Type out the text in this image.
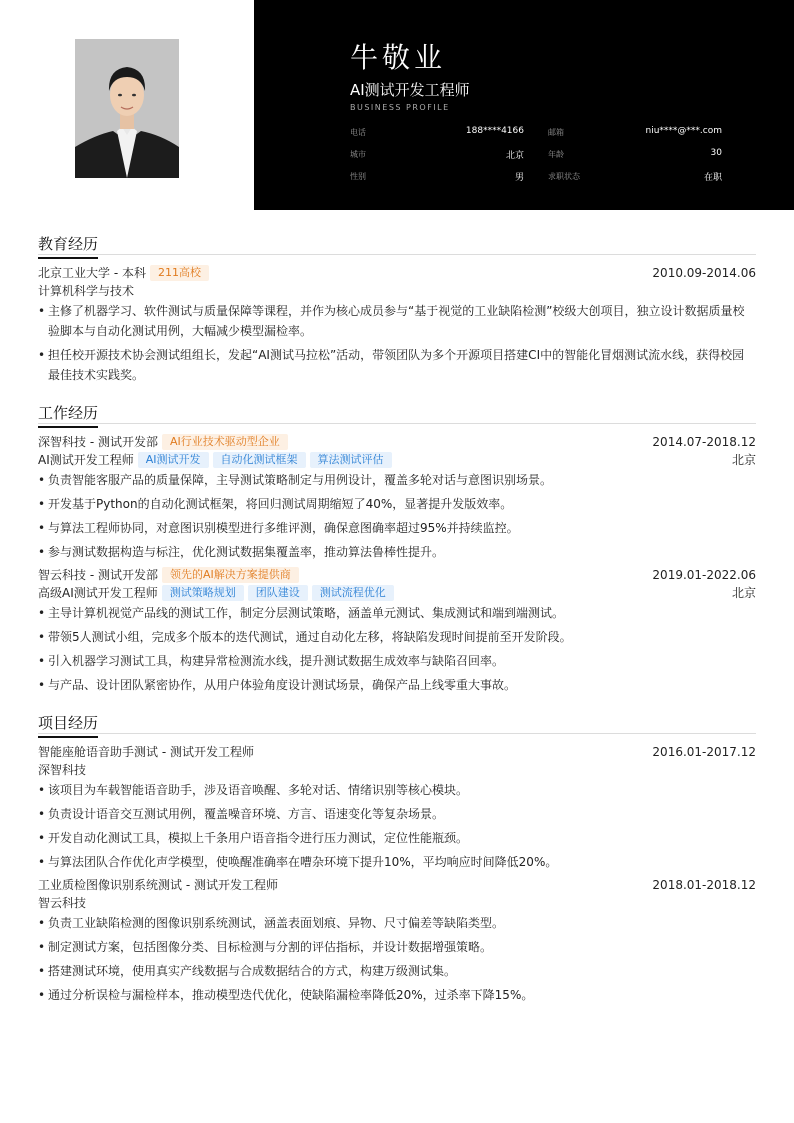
牛敬业
AI测试开发工程师
BUSINESS PROFILE
电话	188****4166	邮箱	niu****@***.com
城市	北京	年龄	30
性别	男	求职状态	在职
教育经历
北京工业大学 - 本科 211高校	2010.09-2014.06
计算机科学与技术
• 主修了机器学习、软件测试与质量保障等课程，并作为核心成员参与“基于视觉的工业缺陷检测”校级大创项目，独立设计数据质量校验脚本与自动化测试用例，大幅减少模型漏检率。
• 担任校开源技术协会测试组组长，发起“AI测试马拉松”活动，带领团队为多个开源项目搭建CI中的智能化冒烟测试流水线，获得校园最佳技术实践奖。
工作经历
深智科技 - 测试开发部 AI行业技术驱动型企业	2014.07-2018.12
AI测试开发工程师 AI测试开发 自动化测试框架 算法测试评估	北京
• 负责智能客服产品的质量保障，主导测试策略制定与用例设计，覆盖多轮对话与意图识别场景。
• 开发基于Python的自动化测试框架，将回归测试周期缩短了40%，显著提升发版效率。
• 与算法工程师协同，对意图识别模型进行多维评测，确保意图确率超过95%并持续监控。
• 参与测试数据构造与标注，优化测试数据集覆盖率，推动算法鲁棒性提升。
智云科技 - 测试开发部 领先的AI解决方案提供商	2019.01-2022.06
高级AI测试开发工程师 测试策略规划 团队建设 测试流程优化	北京
• 主导计算机视觉产品线的测试工作，制定分层测试策略，涵盖单元测试、集成测试和端到端测试。
• 带领5人测试小组，完成多个版本的迭代测试，通过自动化左移，将缺陷发现时间提前至开发阶段。
• 引入机器学习测试工具，构建异常检测流水线，提升测试数据生成效率与缺陷召回率。
• 与产品、设计团队紧密协作，从用户体验角度设计测试场景，确保产品上线零重大事故。
项目经历
智能座舱语音助手测试 - 测试开发工程师	2016.01-2017.12
深智科技
• 该项目为车载智能语音助手，涉及语音唤醒、多轮对话、情绪识别等核心模块。
• 负责设计语音交互测试用例，覆盖噪音环境、方言、语速变化等复杂场景。
• 开发自动化测试工具，模拟上千条用户语音指令进行压力测试，定位性能瓶颈。
• 与算法团队合作优化声学模型，使唤醒准确率在嘈杂环境下提升10%，平均响应时间降低20%。
工业质检图像识别系统测试 - 测试开发工程师	2018.01-2018.12
智云科技
• 负责工业缺陷检测的图像识别系统测试，涵盖表面划痕、异物、尺寸偏差等缺陷类型。
• 制定测试方案，包括图像分类、目标检测与分割的评估指标，并设计数据增强策略。
• 搭建测试环境，使用真实产线数据与合成数据结合的方式，构建万级测试集。
• 通过分析误检与漏检样本，推动模型迭代优化，使缺陷漏检率降低20%，过杀率下降15%。
